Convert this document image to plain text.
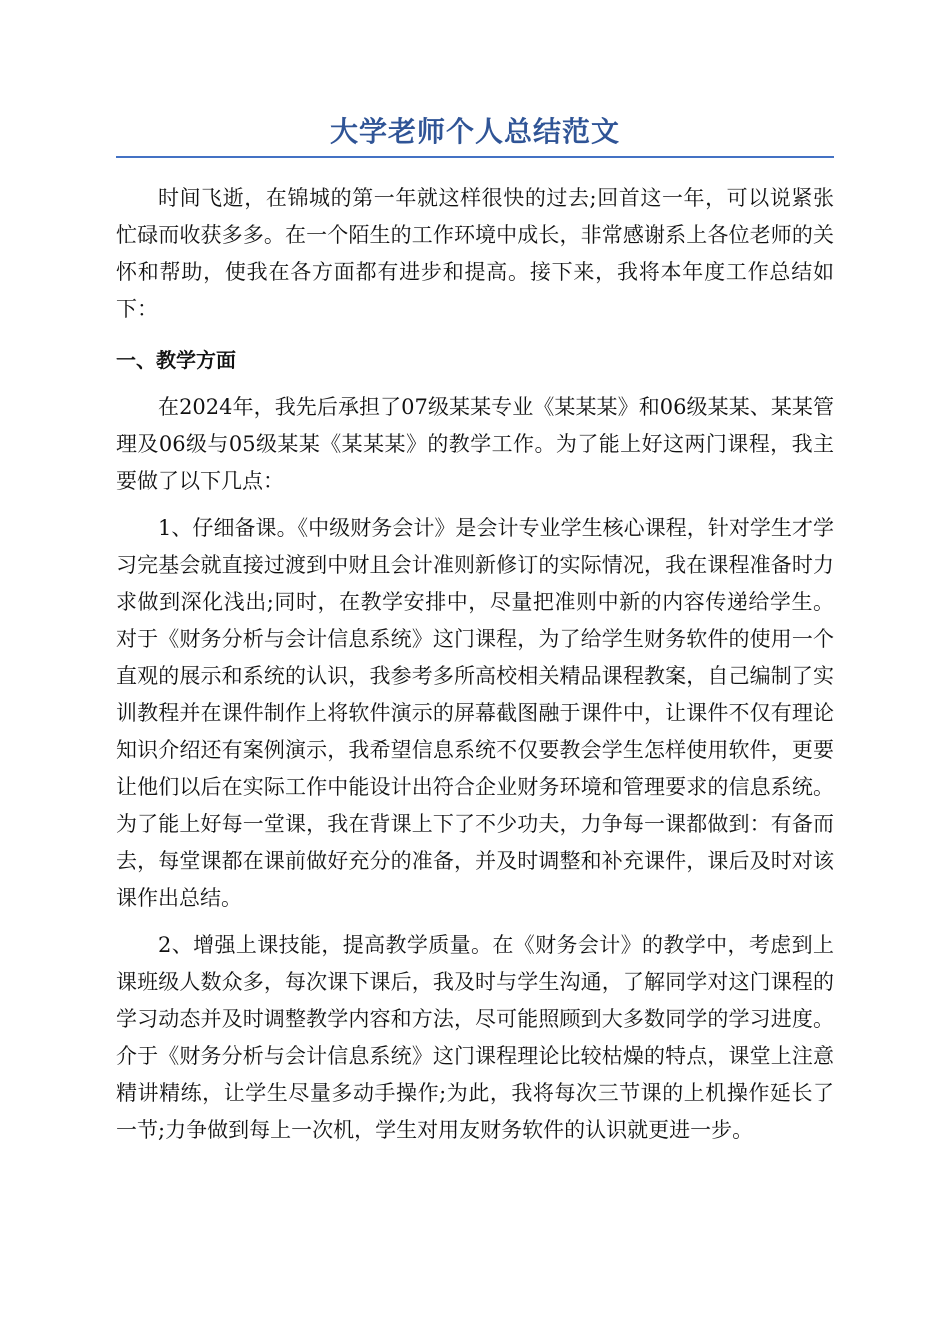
大学老师个人总结范文

时间飞逝，在锦城的第一年就这样很快的过去;回首这一年，可以说紧张忙碌而收获多多。在一个陌生的工作环境中成长，非常感谢系上各位老师的关怀和帮助，使我在各方面都有进步和提高。接下来，我将本年度工作总结如下：

一、教学方面

在2024年，我先后承担了07级某某专业《某某某》和06级某某、某某管理及06级与05级某某《某某某》的教学工作。为了能上好这两门课程，我主要做了以下几点：

1、仔细备课。《中级财务会计》是会计专业学生核心课程，针对学生才学习完基会就直接过渡到中财且会计准则新修订的实际情况，我在课程准备时力求做到深化浅出;同时，在教学安排中，尽量把准则中新的内容传递给学生。对于《财务分析与会计信息系统》这门课程，为了给学生财务软件的使用一个直观的展示和系统的认识，我参考多所高校相关精品课程教案，自己编制了实训教程并在课件制作上将软件演示的屏幕截图融于课件中，让课件不仅有理论知识介绍还有案例演示，我希望信息系统不仅要教会学生怎样使用软件，更要让他们以后在实际工作中能设计出符合企业财务环境和管理要求的信息系统。为了能上好每一堂课，我在背课上下了不少功夫，力争每一课都做到：有备而去，每堂课都在课前做好充分的准备，并及时调整和补充课件，课后及时对该课作出总结。

2、增强上课技能，提高教学质量。在《财务会计》的教学中，考虑到上课班级人数众多，每次课下课后，我及时与学生沟通，了解同学对这门课程的学习动态并及时调整教学内容和方法，尽可能照顾到大多数同学的学习进度。介于《财务分析与会计信息系统》这门课程理论比较枯燥的特点，课堂上注意精讲精练，让学生尽量多动手操作;为此，我将每次三节课的上机操作延长了一节;力争做到每上一次机，学生对用友财务软件的认识就更进一步。
